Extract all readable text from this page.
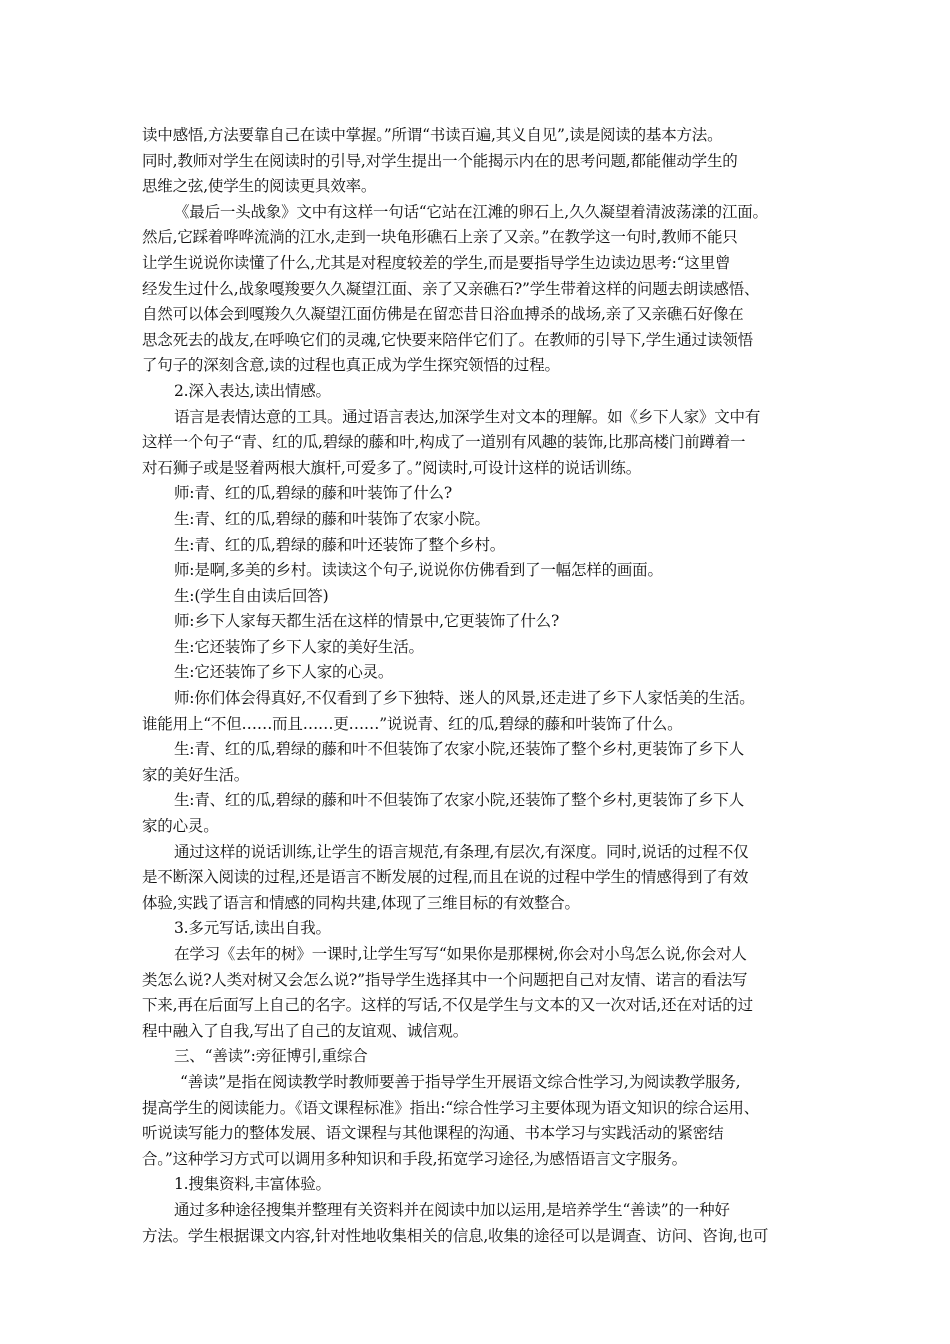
读中感悟,方法要靠自己在读中掌握。”所谓“书读百遍,其义自见”,读是阅读的基本方法。
同时,教师对学生在阅读时的引导,对学生提出一个能揭示内在的思考问题,都能催动学生的
思维之弦,使学生的阅读更具效率。
《最后一头战象》文中有这样一句话“它站在江滩的卵石上,久久凝望着清波荡漾的江面。
然后,它踩着哗哗流淌的江水,走到一块龟形礁石上亲了又亲。”在教学这一句时,教师不能只
让学生说说你读懂了什么,尤其是对程度较差的学生,而是要指导学生边读边思考:“这里曾
经发生过什么,战象嘎羧要久久凝望江面、亲了又亲礁石?”学生带着这样的问题去朗读感悟、
自然可以体会到嘎羧久久凝望江面仿佛是在留恋昔日浴血搏杀的战场,亲了又亲礁石好像在
思念死去的战友,在呼唤它们的灵魂,它快要来陪伴它们了。在教师的引导下,学生通过读领悟
了句子的深刻含意,读的过程也真正成为学生探究领悟的过程。
2.深入表达,读出情感。
语言是表情达意的工具。通过语言表达,加深学生对文本的理解。如《乡下人家》文中有
这样一个句子“青、红的瓜,碧绿的藤和叶,构成了一道别有风趣的装饰,比那高楼门前蹲着一
对石狮子或是竖着两根大旗杆,可爱多了。”阅读时,可设计这样的说话训练。
师:青、红的瓜,碧绿的藤和叶装饰了什么?
生:青、红的瓜,碧绿的藤和叶装饰了农家小院。
生:青、红的瓜,碧绿的藤和叶还装饰了整个乡村。
师:是啊,多美的乡村。读读这个句子,说说你仿佛看到了一幅怎样的画面。
生:(学生自由读后回答)
师:乡下人家每天都生活在这样的情景中,它更装饰了什么?
生:它还装饰了乡下人家的美好生活。
生:它还装饰了乡下人家的心灵。
师:你们体会得真好,不仅看到了乡下独特、迷人的风景,还走进了乡下人家恬美的生活。
谁能用上“不但……而且……更……”说说青、红的瓜,碧绿的藤和叶装饰了什么。
生:青、红的瓜,碧绿的藤和叶不但装饰了农家小院,还装饰了整个乡村,更装饰了乡下人
家的美好生活。
生:青、红的瓜,碧绿的藤和叶不但装饰了农家小院,还装饰了整个乡村,更装饰了乡下人
家的心灵。
通过这样的说话训练,让学生的语言规范,有条理,有层次,有深度。同时,说话的过程不仅
是不断深入阅读的过程,还是语言不断发展的过程,而且在说的过程中学生的情感得到了有效
体验,实践了语言和情感的同构共建,体现了三维目标的有效整合。
3.多元写话,读出自我。
在学习《去年的树》一课时,让学生写写“如果你是那棵树,你会对小鸟怎么说,你会对人
类怎么说?人类对树又会怎么说?”指导学生选择其中一个问题把自己对友情、诺言的看法写
下来,再在后面写上自己的名字。这样的写话,不仅是学生与文本的又一次对话,还在对话的过
程中融入了自我,写出了自己的友谊观、诚信观。
三、“善读”:旁征博引,重综合
“善读”是指在阅读教学时教师要善于指导学生开展语文综合性学习,为阅读教学服务,
提高学生的阅读能力。《语文课程标准》指出:“综合性学习主要体现为语文知识的综合运用、
听说读写能力的整体发展、语文课程与其他课程的沟通、书本学习与实践活动的紧密结
合。”这种学习方式可以调用多种知识和手段,拓宽学习途径,为感悟语言文字服务。
1.搜集资料,丰富体验。
通过多种途径搜集并整理有关资料并在阅读中加以运用,是培养学生“善读”的一种好
方法。学生根据课文内容,针对性地收集相关的信息,收集的途径可以是调查、访问、咨询,也可
